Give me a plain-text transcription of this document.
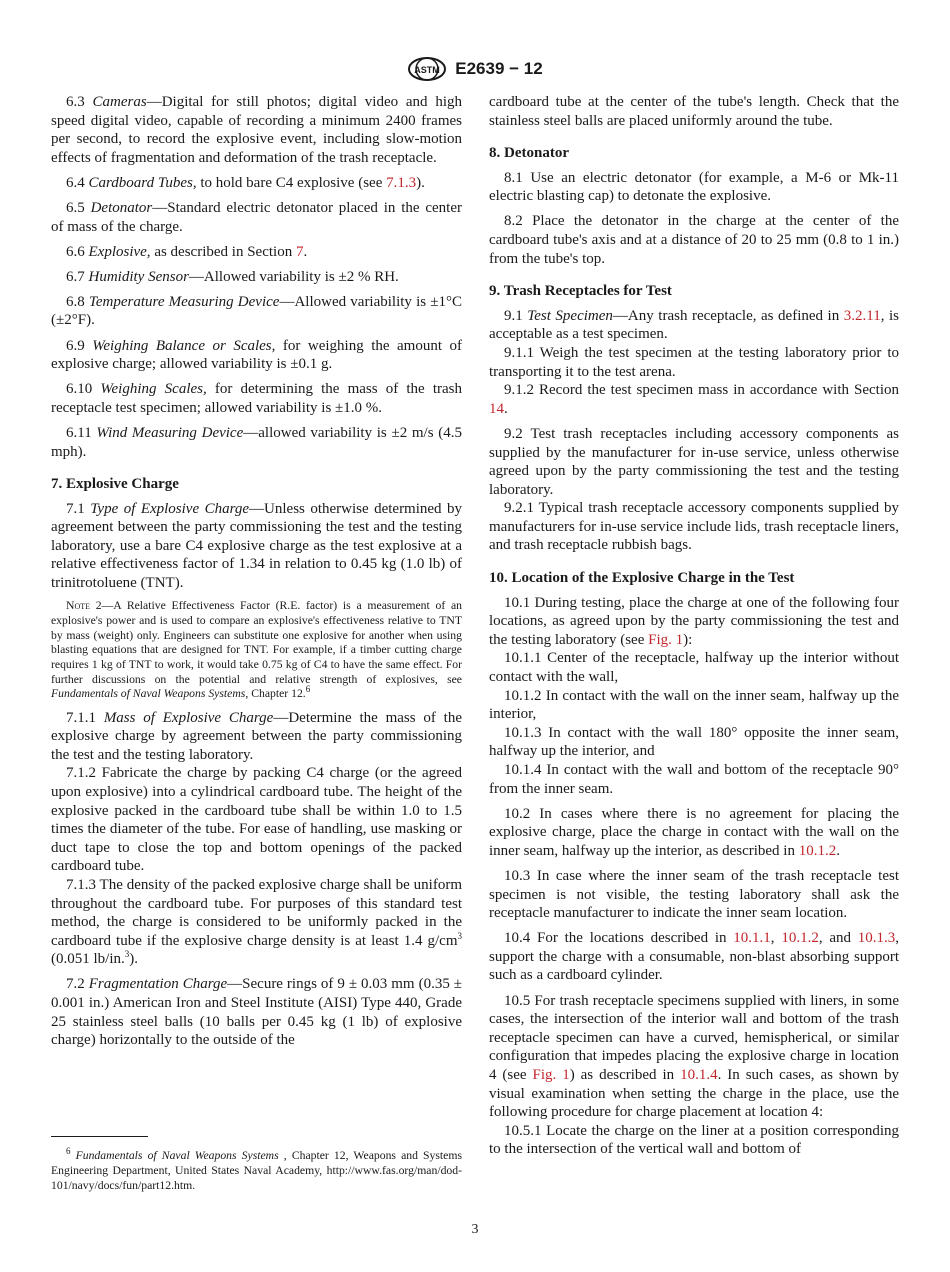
ASTM E2639 − 12

6.3 Cameras—Digital for still photos; digital video and high speed digital video, capable of recording a minimum 2400 frames per second, to record the explosive event, including slow-motion effects of fragmentation and deformation of the trash receptacle.

6.4 Cardboard Tubes, to hold bare C4 explosive (see 7.1.3).

6.5 Detonator—Standard electric detonator placed in the center of mass of the charge.

6.6 Explosive, as described in Section 7.

6.7 Humidity Sensor—Allowed variability is ±2 % RH.

6.8 Temperature Measuring Device—Allowed variability is ±1°C (±2°F).

6.9 Weighing Balance or Scales, for weighing the amount of explosive charge; allowed variability is ±0.1 g.

6.10 Weighing Scales, for determining the mass of the trash receptacle test specimen; allowed variability is ±1.0 %.

6.11 Wind Measuring Device—allowed variability is ±2 m/s (4.5 mph).

7. Explosive Charge

7.1 Type of Explosive Charge—Unless otherwise determined by agreement between the party commissioning the test and the testing laboratory, use a bare C4 explosive charge as the test explosive at a relative effectiveness factor of 1.34 in relation to 0.45 kg (1.0 lb) of trinitrotoluene (TNT).

Note 2—A Relative Effectiveness Factor (R.E. factor) is a measurement of an explosive's power and is used to compare an explosive's effectiveness relative to TNT by mass (weight) only. Engineers can substitute one explosive for another when using blasting equations that are designed for TNT. For example, if a timber cutting charge requires 1 kg of TNT to work, it would take 0.75 kg of C4 to have the same effect. For further discussions on the potential and relative strength of explosives, see Fundamentals of Naval Weapons Systems, Chapter 12.$^6$

7.1.1 Mass of Explosive Charge—Determine the mass of the explosive charge by agreement between the party commissioning the test and the testing laboratory.

7.1.2 Fabricate the charge by packing C4 charge (or the agreed upon explosive) into a cylindrical cardboard tube. The height of the explosive packed in the cardboard tube shall be within 1.0 to 1.5 times the diameter of the tube. For ease of handling, use masking or duct tape to close the top and bottom openings of the packed cardboard tube.

7.1.3 The density of the packed explosive charge shall be uniform throughout the cardboard tube. For purposes of this standard test method, the charge is considered to be uniformly packed in the cardboard tube if the explosive charge density is at least 1.4 $g/cm^3$ (0.051 lb/in.$^3$).

7.2 Fragmentation Charge—Secure rings of 9 ± 0.03 mm (0.35 ± 0.001 in.) American Iron and Steel Institute (AISI) Type 440, Grade 25 stainless steel balls (10 balls per 0.45 kg (1 lb) of explosive charge) horizontally to the outside of the

$^6$ Fundamentals of Naval Weapons Systems , Chapter 12, Weapons and Systems Engineering Department, United States Naval Academy, http://www.fas.org/man/dod-101/navy/docs/fun/part12.htm.

cardboard tube at the center of the tube's length. Check that the stainless steel balls are placed uniformly around the tube.

8. Detonator

8.1 Use an electric detonator (for example, a M-6 or Mk-11 electric blasting cap) to detonate the explosive.

8.2 Place the detonator in the charge at the center of the cardboard tube's axis and at a distance of 20 to 25 mm (0.8 to 1 in.) from the tube's top.

9. Trash Receptacles for Test

9.1 Test Specimen—Any trash receptacle, as defined in 3.2.11, is acceptable as a test specimen.

9.1.1 Weigh the test specimen at the testing laboratory prior to transporting it to the test arena.

9.1.2 Record the test specimen mass in accordance with Section 14.

9.2 Test trash receptacles including accessory components as supplied by the manufacturer for in-use service, unless otherwise agreed upon by the party commissioning the test and the testing laboratory.

9.2.1 Typical trash receptacle accessory components supplied by manufacturers for in-use service include lids, trash receptacle liners, and trash receptacle rubbish bags.

10. Location of the Explosive Charge in the Test

10.1 During testing, place the charge at one of the following four locations, as agreed upon by the party commissioning the test and the testing laboratory (see Fig. 1):

10.1.1 Center of the receptacle, halfway up the interior without contact with the wall,

10.1.2 In contact with the wall on the inner seam, halfway up the interior,

10.1.3 In contact with the wall 180° opposite the inner seam, halfway up the interior, and

10.1.4 In contact with the wall and bottom of the receptacle 90° from the inner seam.

10.2 In cases where there is no agreement for placing the explosive charge, place the charge in contact with the wall on the inner seam, halfway up the interior, as described in 10.1.2.

10.3 In case where the inner seam of the trash receptacle test specimen is not visible, the testing laboratory shall ask the receptacle manufacturer to indicate the inner seam location.

10.4 For the locations described in 10.1.1, 10.1.2, and 10.1.3, support the charge with a consumable, non-blast absorbing support such as a cardboard cylinder.

10.5 For trash receptacle specimens supplied with liners, in some cases, the intersection of the interior wall and bottom of the trash receptacle specimen can have a curved, hemispherical, or similar configuration that impedes placing the explosive charge in location 4 (see Fig. 1) as described in 10.1.4. In such cases, as shown by visual examination when setting the charge in the place, use the following procedure for charge placement at location 4:

10.5.1 Locate the charge on the liner at a position corresponding to the intersection of the vertical wall and bottom of

3
